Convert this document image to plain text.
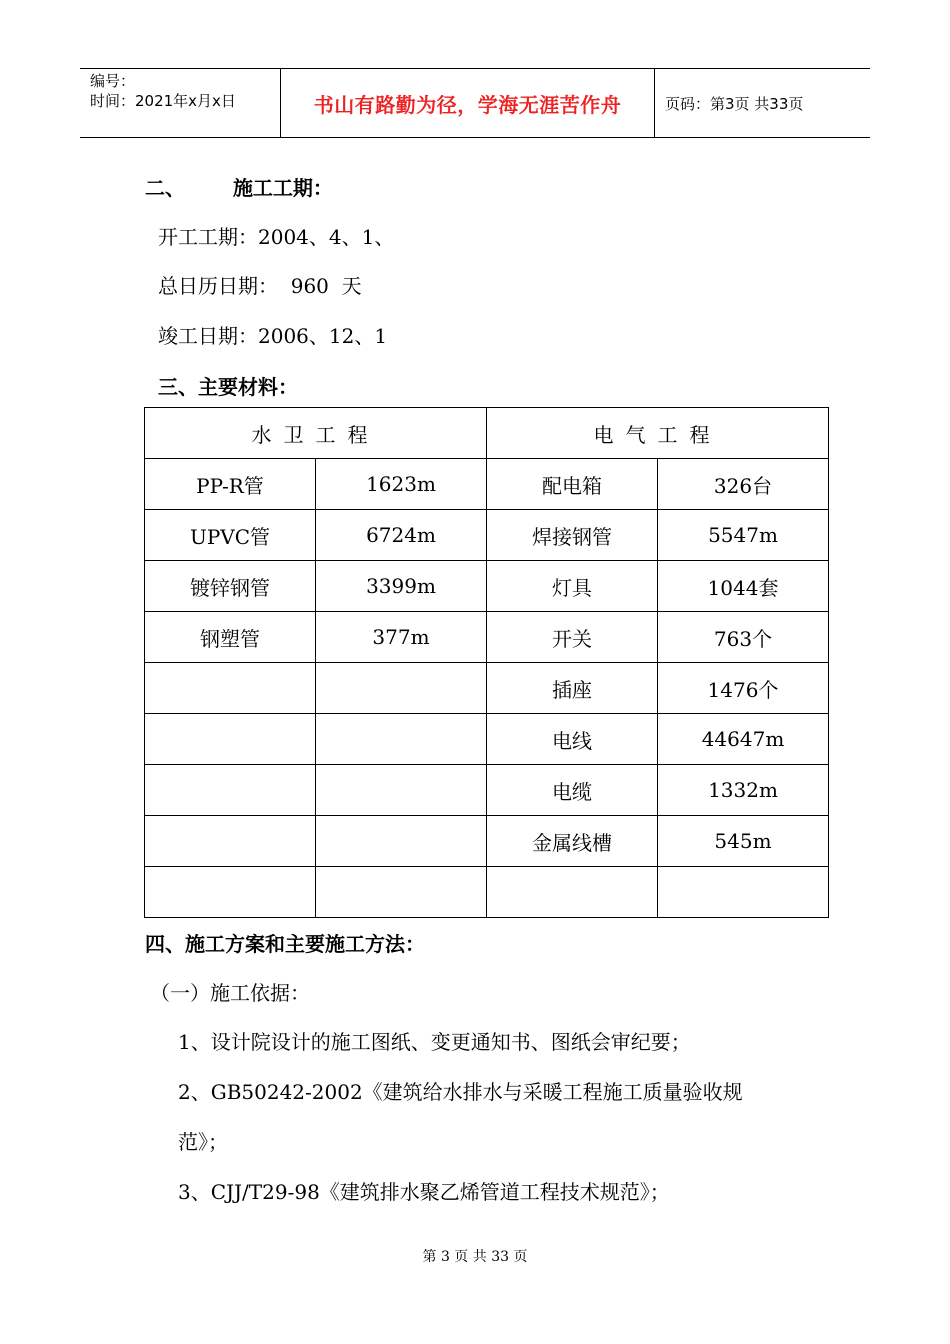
编号：
时间：2021年x月x日	书山有路勤为径，学海无涯苦作舟	页码：第3页 共33页
二、 施工工期：
开工工期：2004、4、1、
总日历日期：  960  天
竣工日期：2006、12、1
三、主要材料：
水卫工程		电气工程	
PP-R管	1623m	配电箱	326台
UPVC管	6724m	焊接钢管	5547m
镀锌钢管	3399m	灯具	1044套
钢塑管	377m	开关	763个
		插座	1476个
		电线	44647m
		电缆	1332m
		金属线槽	545m

四、施工方案和主要施工方法：
（一）施工依据：
1、设计院设计的施工图纸、变更通知书、图纸会审纪要；
2、GB50242-2002《建筑给水排水与采暖工程施工质量验收规
范》；
3、CJJ/T29-98《建筑排水聚乙烯管道工程技术规范》；
第 3 页 共 33 页
